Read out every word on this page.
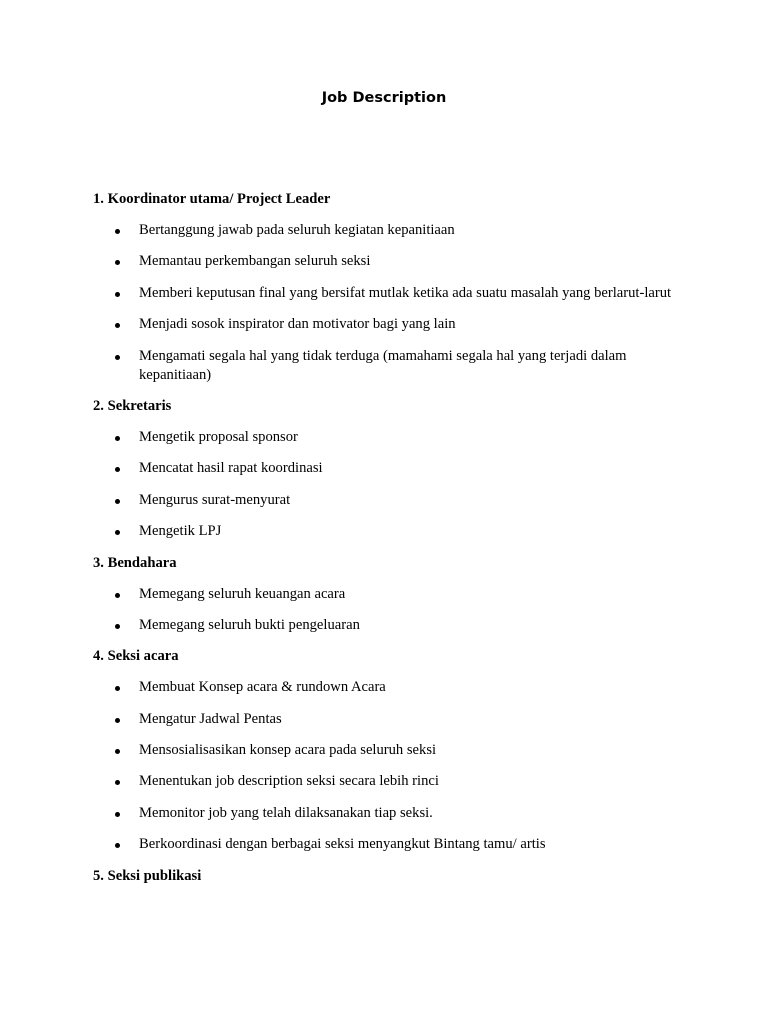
Job Description
1. Koordinator utama/ Project Leader
Bertanggung jawab pada seluruh kegiatan kepanitiaan
Memantau perkembangan seluruh seksi
Memberi keputusan final yang bersifat mutlak ketika ada suatu masalah yang berlarut-larut
Menjadi sosok inspirator dan motivator bagi yang lain
Mengamati segala hal yang tidak terduga (mamahami segala hal yang terjadi dalam kepanitiaan)
2. Sekretaris
Mengetik proposal sponsor
Mencatat hasil rapat koordinasi
Mengurus surat-menyurat
Mengetik LPJ
3. Bendahara
Memegang seluruh keuangan acara
Memegang seluruh bukti pengeluaran
4. Seksi acara
Membuat Konsep acara & rundown Acara
Mengatur Jadwal Pentas
Mensosialisasikan konsep acara pada seluruh seksi
Menentukan job description seksi secara lebih rinci
Memonitor job yang telah dilaksanakan tiap seksi.
Berkoordinasi dengan berbagai seksi menyangkut Bintang tamu/ artis
5. Seksi publikasi
